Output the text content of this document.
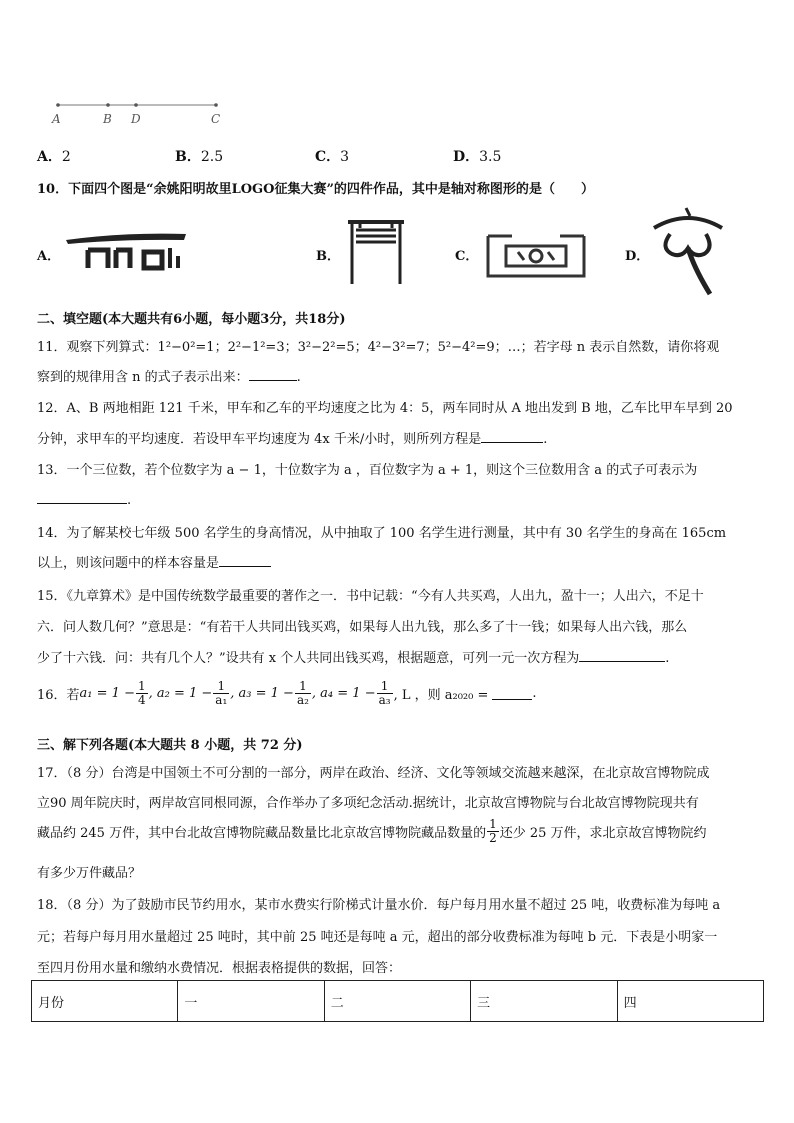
A	B D	C
A．2	B．2.5	C．3	D．3.5
10．下面四个图是“余姚阳明故里LOGO征集大赛”的四件作品，其中是轴对称图形的是（　　）
A．	B．	C．	D．
二、填空题(本大题共有6小题，每小题3分，共18分)
11．观察下列算式：1²−0²=1；2²−1²=3；3²−2²=5；4²−3²=7；5²−4²=9；…；若字母 n 表示自然数，请你将观
察到的规律用含 n 的式子表示出来：	.
12．A、B 两地相距 121 千米，甲车和乙车的平均速度之比为 4：5，两车同时从 A 地出发到 B 地，乙车比甲车早到 20
分钟，求甲车的平均速度．若设甲车平均速度为 4x 千米/小时，则所列方程是	.
13．一个三位数，若个位数字为 a − 1，十位数字为 a ，百位数字为 a + 1，则这个三位数用含 a 的式子可表示为
.
14．为了解某校七年级 500 名学生的身高情况，从中抽取了 100 名学生进行测量，其中有 30 名学生的身高在 165cm
以上，则该问题中的样本容量是
15．《九章算术》是中国传统数学最重要的著作之一．书中记载：“今有人共买鸡，人出九，盈十一；人出六，不足十
六．问人数几何？”意思是：“有若干人共同出钱买鸡，如果每人出九钱，那么多了十一钱；如果每人出六钱，那么
少了十六钱．问：共有几个人？”设共有 x 个人共同出钱买鸡，根据题意，可列一元一次方程为	.
16．若 $a_1 = 1 - \frac{1}{4}$ , $a_2 = 1 - \frac{1}{\text{a₁}}$ , $a_3 = 1 - \frac{1}{\text{a₂}}$ , $a_4 = 1 - \frac{1}{\text{a₃}}$ , L ，则 a₂₀₂₀ =	.
三、解下列各题(本大题共 8 小题，共 72 分)
17．（8 分）台湾是中国领土不可分割的一部分，两岸在政治、经济、文化等领域交流越来越深，在北京故宫博物院成
立90 周年院庆时，两岸故宫同根同源，合作举办了多项纪念活动.据统计，北京故宫博物院与台北故宫博物院现共有
藏品约 245 万件，其中台北故宫博物院藏品数量比北京故宫博物院藏品数量的 $\frac{1}{2}$ 还少 25 万件，求北京故宫博物院约
有多少万件藏品？
18．（8 分）为了鼓励市民节约用水，某市水费实行阶梯式计量水价．每户每月用水量不超过 25 吨，收费标准为每吨 a
元；若每户每月用水量超过 25 吨时，其中前 25 吨还是每吨 a 元，超出的部分收费标准为每吨 b 元．下表是小明家一
至四月份用水量和缴纳水费情况．根据表格提供的数据，回答：
月份	一	二	三	四
